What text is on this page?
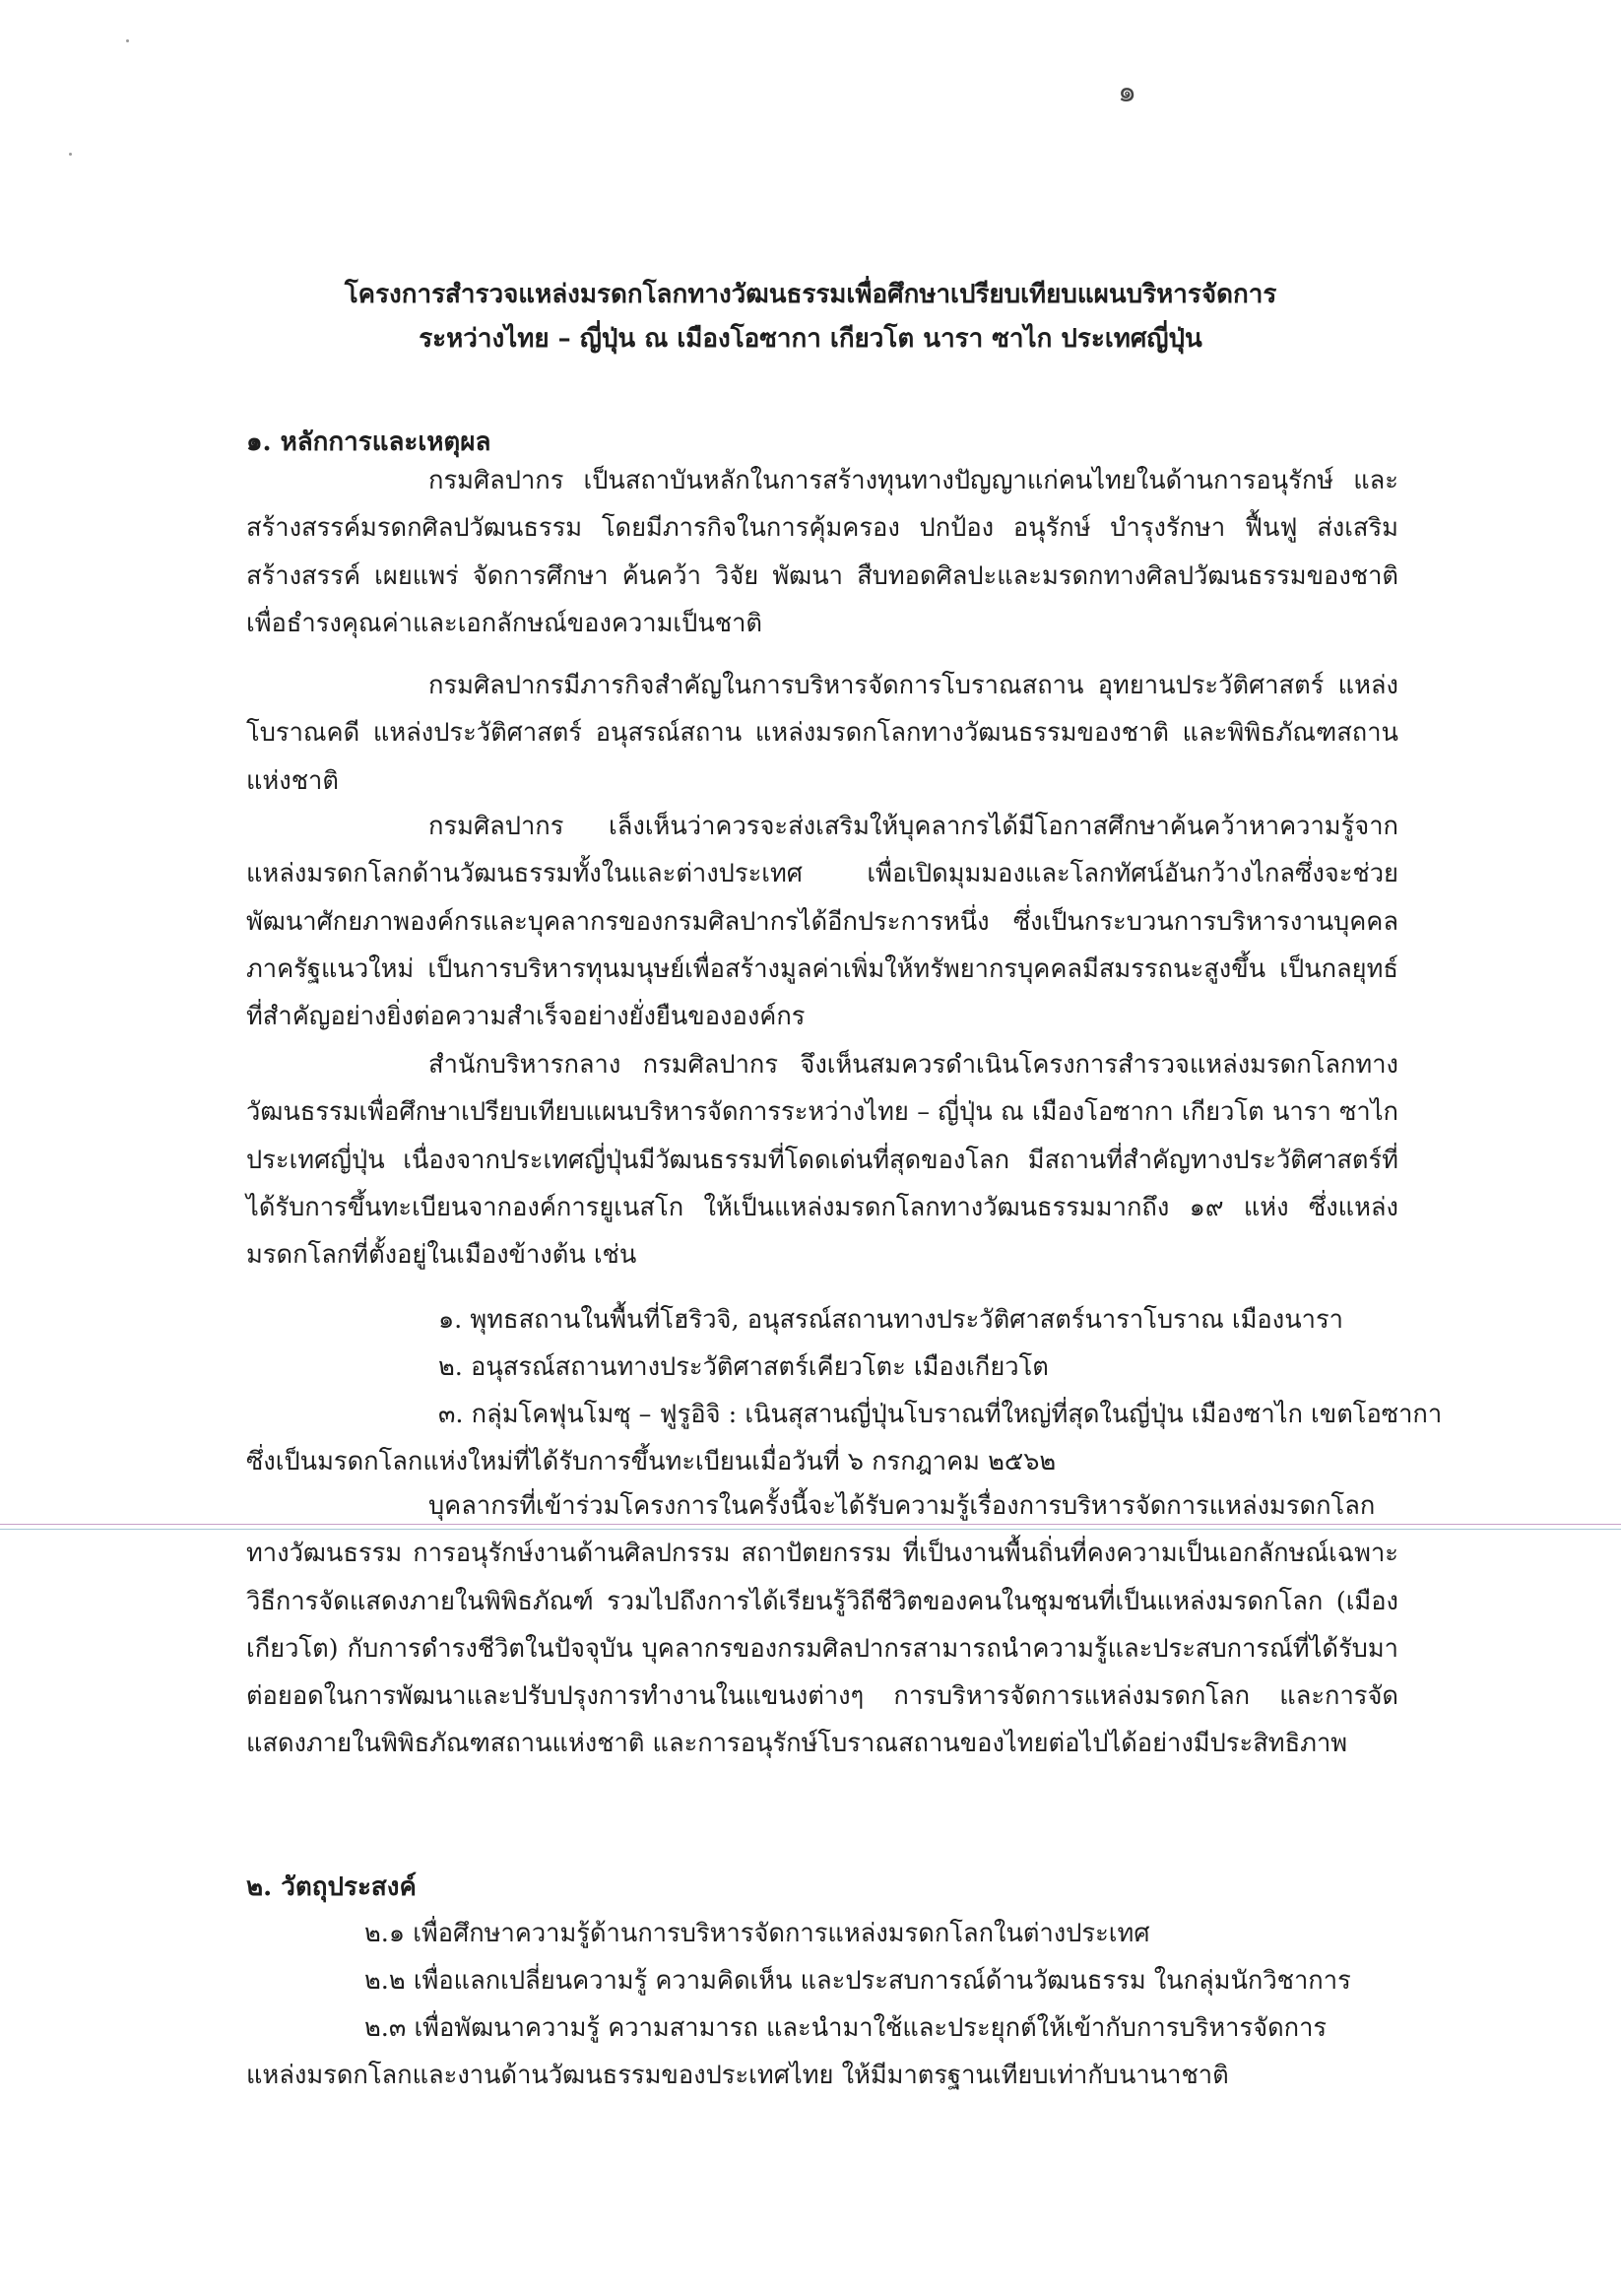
๑
โครงการสำรวจแหล่งมรดกโลกทางวัฒนธรรมเพื่อศึกษาเปรียบเทียบแผนบริหารจัดการ
ระหว่างไทย – ญี่ปุ่น ณ เมืองโอซากา เกียวโต นารา ซาไก ประเทศญี่ปุ่น
๑. หลักการและเหตุผล

กรมศิลปากร เป็นสถาบันหลักในการสร้างทุนทางปัญญาแก่คนไทยในด้านการอนุรักษ์ และสร้างสรรค์มรดกศิลปวัฒนธรรม โดยมีภารกิจในการคุ้มครอง ปกป้อง อนุรักษ์ บำรุงรักษา ฟื้นฟู ส่งเสริม สร้างสรรค์ เผยแพร่ จัดการศึกษา ค้นคว้า วิจัย พัฒนา สืบทอดศิลปะและมรดกทางศิลปวัฒนธรรมของชาติ เพื่อธำรงคุณค่าและเอกลักษณ์ของความเป็นชาติ

กรมศิลปากรมีภารกิจสำคัญในการบริหารจัดการโบราณสถาน อุทยานประวัติศาสตร์ แหล่งโบราณคดี แหล่งประวัติศาสตร์ อนุสรณ์สถาน แหล่งมรดกโลกทางวัฒนธรรมของชาติ และพิพิธภัณฑสถานแห่งชาติ

กรมศิลปากร เล็งเห็นว่าควรจะส่งเสริมให้บุคลากรได้มีโอกาสศึกษาค้นคว้าหาความรู้จากแหล่งมรดกโลกด้านวัฒนธรรมทั้งในและต่างประเทศ เพื่อเปิดมุมมองและโลกทัศน์อันกว้างไกลซึ่งจะช่วยพัฒนาศักยภาพองค์กรและบุคลากรของกรมศิลปากรได้อีกประการหนึ่ง ซึ่งเป็นกระบวนการบริหารงานบุคคลภาครัฐแนวใหม่ เป็นการบริหารทุนมนุษย์เพื่อสร้างมูลค่าเพิ่มให้ทรัพยากรบุคคลมีสมรรถนะสูงขึ้น เป็นกลยุทธ์ที่สำคัญอย่างยิ่งต่อความสำเร็จอย่างยั่งยืนขององค์กร

สำนักบริหารกลาง กรมศิลปากร จึงเห็นสมควรดำเนินโครงการสำรวจแหล่งมรดกโลกทางวัฒนธรรมเพื่อศึกษาเปรียบเทียบแผนบริหารจัดการระหว่างไทย – ญี่ปุ่น ณ เมืองโอซากา เกียวโต นารา ซาไก ประเทศญี่ปุ่น เนื่องจากประเทศญี่ปุ่นมีวัฒนธรรมที่โดดเด่นที่สุดของโลก มีสถานที่สำคัญทางประวัติศาสตร์ที่ได้รับการขึ้นทะเบียนจากองค์การยูเนสโก ให้เป็นแหล่งมรดกโลกทางวัฒนธรรมมากถึง ๑๙ แห่ง ซึ่งแหล่งมรดกโลกที่ตั้งอยู่ในเมืองข้างต้น เช่น

๑. พุทธสถานในพื้นที่โฮริวจิ, อนุสรณ์สถานทางประวัติศาสตร์นาราโบราณ เมืองนารา
๒. อนุสรณ์สถานทางประวัติศาสตร์เคียวโตะ เมืองเกียวโต
๓. กลุ่มโคฟุนโมซุ – ฟูรูอิจิ : เนินสุสานญี่ปุ่นโบราณที่ใหญ่ที่สุดในญี่ปุ่น เมืองซาไก เขตโอซากา
ซึ่งเป็นมรดกโลกแห่งใหม่ที่ได้รับการขึ้นทะเบียนเมื่อวันที่ ๖ กรกฎาคม ๒๕๖๒

บุคลากรที่เข้าร่วมโครงการในครั้งนี้จะได้รับความรู้เรื่องการบริหารจัดการแหล่งมรดกโลกทางวัฒนธรรม การอนุรักษ์งานด้านศิลปกรรม สถาปัตยกรรม ที่เป็นงานพื้นถิ่นที่คงความเป็นเอกลักษณ์เฉพาะ วิธีการจัดแสดงภายในพิพิธภัณฑ์ รวมไปถึงการได้เรียนรู้วิถีชีวิตของคนในชุมชนที่เป็นแหล่งมรดกโลก (เมืองเกียวโต) กับการดำรงชีวิตในปัจจุบัน บุคลากรของกรมศิลปากรสามารถนำความรู้และประสบการณ์ที่ได้รับมาต่อยอดในการพัฒนาและปรับปรุงการทำงานในแขนงต่างๆ การบริหารจัดการแหล่งมรดกโลก และการจัดแสดงภายในพิพิธภัณฑสถานแห่งชาติ และการอนุรักษ์โบราณสถานของไทยต่อไปได้อย่างมีประสิทธิภาพ

๒. วัตถุประสงค์
๒.๑ เพื่อศึกษาความรู้ด้านการบริหารจัดการแหล่งมรดกโลกในต่างประเทศ
๒.๒ เพื่อแลกเปลี่ยนความรู้ ความคิดเห็น และประสบการณ์ด้านวัฒนธรรม ในกลุ่มนักวิชาการ
๒.๓ เพื่อพัฒนาความรู้ ความสามารถ และนำมาใช้และประยุกต์ให้เข้ากับการบริหารจัดการ
แหล่งมรดกโลกและงานด้านวัฒนธรรมของประเทศไทย ให้มีมาตรฐานเทียบเท่ากับนานาชาติ
